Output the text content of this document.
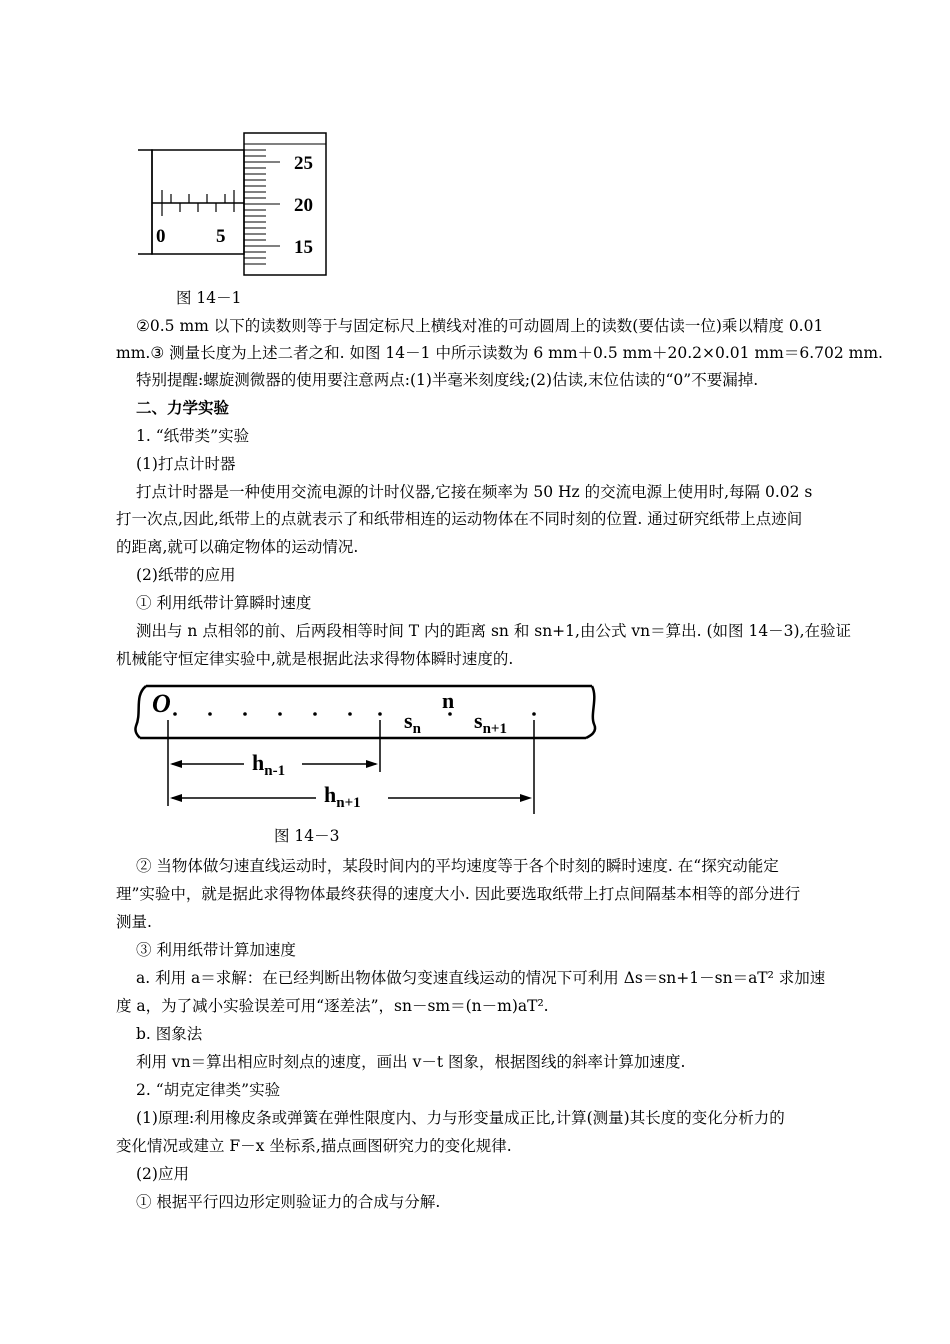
25
20
15
0	5
图 14－1
②0.5 mm 以下的读数则等于与固定标尺上横线对准的可动圆周上的读数(要估读一位)乘以精度 0.01
mm.③ 测量长度为上述二者之和. 如图 14－1 中所示读数为 6 mm＋0.5 mm＋20.2×0.01 mm＝6.702 mm.
特别提醒:螺旋测微器的使用要注意两点:(1)半毫米刻度线;(2)估读,末位估读的“0”不要漏掉.
二、力学实验
1. “纸带类”实验
(1)打点计时器
打点计时器是一种使用交流电源的计时仪器,它接在频率为 50 Hz 的交流电源上使用时,每隔 0.02 s
打一次点,因此,纸带上的点就表示了和纸带相连的运动物体在不同时刻的位置. 通过研究纸带上点迹间
的距离,就可以确定物体的运动情况.
(2)纸带的应用
① 利用纸带计算瞬时速度
测出与 n 点相邻的前、后两段相等时间 T 内的距离 sn 和 sn+1,由公式 vn＝算出. (如图 14－3),在验证
机械能守恒定律实验中,就是根据此法求得物体瞬时速度的.
O	n
$s_n$ $s_{n+1}$
$h_{n-1}$
$h_{n+1}$
图 14－3
② 当物体做匀速直线运动时，某段时间内的平均速度等于各个时刻的瞬时速度. 在“探究动能定
理”实验中，就是据此求得物体最终获得的速度大小. 因此要选取纸带上打点间隔基本相等的部分进行
测量.
③ 利用纸带计算加速度
a. 利用 a＝求解：在已经判断出物体做匀变速直线运动的情况下可利用 Δs＝sn+1－sn＝aT² 求加速
度 a，为了减小实验误差可用“逐差法”，sn－sm＝(n－m)aT².
b. 图象法
利用 vn＝算出相应时刻点的速度，画出 v－t 图象，根据图线的斜率计算加速度.
2. “胡克定律类”实验
(1)原理:利用橡皮条或弹簧在弹性限度内、力与形变量成正比,计算(测量)其长度的变化分析力的
变化情况或建立 F－x 坐标系,描点画图研究力的变化规律.
(2)应用
① 根据平行四边形定则验证力的合成与分解.
